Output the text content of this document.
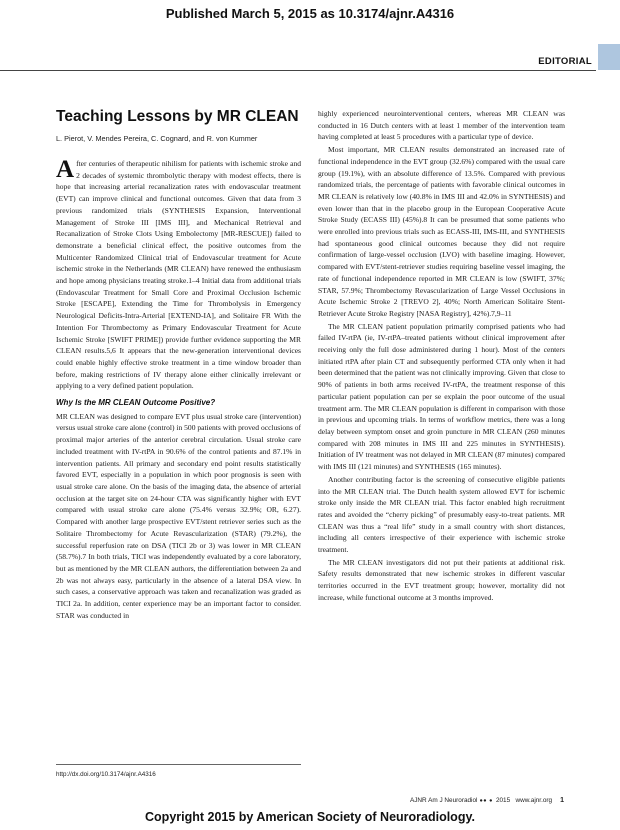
Published March 5, 2015 as 10.3174/ajnr.A4316
EDITORIAL
Teaching Lessons by MR CLEAN
L. Pierot, V. Mendes Pereira, C. Cognard, and R. von Kummer

After centuries of therapeutic nihilism for patients with ischemic stroke and 2 decades of systemic thrombolytic therapy with modest effects, there is hope that increasing arterial recanalization rates with endovascular treatment (EVT) can improve clinical and functional outcomes. Given that data from 3 previous randomized trials (SYNTHESIS Expansion, Interventional Management of Stroke III [IMS III], and Mechanical Retrieval and Recanalization of Stroke Clots Using Embolectomy [MR-RESCUE]) failed to demonstrate a beneficial clinical effect, the positive outcomes from the Multicenter Randomized Clinical trial of Endovascular treatment for Acute ischemic stroke in the Netherlands (MR CLEAN) have renewed the enthusiasm and hope among physicians treating stroke.1–4 Initial data from additional trials (Endovascular Treatment for Small Core and Proximal Occlusion Ischemic Stroke [ESCAPE], Extending the Time for Thrombolysis in Emergency Neurological Deficits-Intra-Arterial [EXTEND-IA], and Solitaire FR With the Intention For Thrombectomy as Primary Endovascular Treatment for Acute Ischemic Stroke [SWIFT PRIME]) provide further evidence supporting the MR CLEAN results.5,6 It appears that the new-generation interventional devices could enable highly effective stroke treatment in a time window broader than before, making restrictions of IV therapy alone either clinically irrelevant or applying to a very defined patient population.

Why Is the MR CLEAN Outcome Positive?

MR CLEAN was designed to compare EVT plus usual stroke care (intervention) versus usual stroke care alone (control) in 500 patients with proved occlusions of proximal major arteries of the anterior cerebral circulation. Usual stroke care included treatment with IV-rtPA in 90.6% of the control patients and 87.1% in intervention patients. All primary and secondary end point results statistically favored EVT, especially in a population in which poor prognosis is seen with usual stroke care alone. On the basis of the imaging data, the absence of arterial occlusion at the target site on 24-hour CTA was significantly higher with EVT compared with usual stroke care alone (75.4% versus 32.9%; OR, 6.27). Compared with another large prospective EVT/stent retriever series such as the Solitaire Thrombectomy for Acute Revascularization (STAR) (79.2%), the successful reperfusion rate on DSA (TICI 2b or 3) was lower in MR CLEAN (58.7%).7 In both trials, TICI was independently evaluated by a core laboratory, but as mentioned by the MR CLEAN authors, the differentiation between 2a and 2b was not always easy, particularly in the absence of a lateral DSA view. In such cases, a conservative approach was taken and recanalization was graded as TICI 2a. In addition, center experience may be an important factor to consider. STAR was conducted in

highly experienced neurointerventional centers, whereas MR CLEAN was conducted in 16 Dutch centers with at least 1 member of the intervention team having completed at least 5 procedures with a particular type of device.

Most important, MR CLEAN results demonstrated an increased rate of functional independence in the EVT group (32.6%) compared with the usual care group (19.1%), with an absolute difference of 13.5%. Compared with previous randomized trials, the percentage of patients with favorable clinical outcomes in MR CLEAN is relatively low (40.8% in IMS III and 42.0% in SYNTHESIS) and even lower than that in the placebo group in the European Cooperative Acute Stroke Study (ECASS III) (45%).8 It can be presumed that some patients who were enrolled into previous trials such as ECASS-III, IMS-III, and SYNTHESIS had spontaneous good clinical outcomes because they did not require confirmation of large-vessel occlusion (LVO) with baseline imaging. However, compared with EVT/stent-retriever studies requiring baseline vessel imaging, the rate of functional independence reported in MR CLEAN is low (SWIFT, 37%; STAR, 57.9%; Thrombectomy Revascularization of Large Vessel Occlusions in Acute Ischemic Stroke 2 [TREVO 2], 40%; North American Solitaire Stent-Retriever Acute Stroke Registry [NASA Registry], 42%).7,9–11

The MR CLEAN patient population primarily comprised patients who had failed IV-rtPA (ie, IV-rtPA–treated patients without clinical improvement after receiving only the full dose administered during 1 hour). Most of the centers initiated rtPA after plain CT and subsequently performed CTA only when it had been determined that the patient was not clinically improving. Given that close to 90% of patients in both arms received IV-rtPA, the treatment response of this particular patient population can per se explain the poor outcome of the usual treatment arm. The MR CLEAN population is different in comparison with those in previous and upcoming trials. In terms of workflow metrics, there was a long delay between symptom onset and groin puncture in MR CLEAN (260 minutes compared with 208 minutes in IMS III and 225 minutes in SYNTHESIS). Initiation of IV treatment was not delayed in MR CLEAN (87 minutes) compared with IMS III (121 minutes) and SYNTHESIS (165 minutes).

Another contributing factor is the screening of consecutive eligible patients into the MR CLEAN trial. The Dutch health system allowed EVT for ischemic stroke only inside the MR CLEAN trial. This factor enabled high recruitment rates and avoided the “cherry picking” of presumably easy-to-treat patients. MR CLEAN was thus a “real life” study in a small country with short distances, including all centers irrespective of their experience with ischemic stroke treatment.

The MR CLEAN investigators did not put their patients at additional risk. Safety results demonstrated that new ischemic strokes in different vascular territories occurred in the EVT treatment group; however, mortality did not increase, while functional outcome at 3 months improved.

http://dx.doi.org/10.3174/ajnr.A4316
AJNR Am J Neuroradiol ●● ● 2015 www.ajnr.org 1
Copyright 2015 by American Society of Neuroradiology.
